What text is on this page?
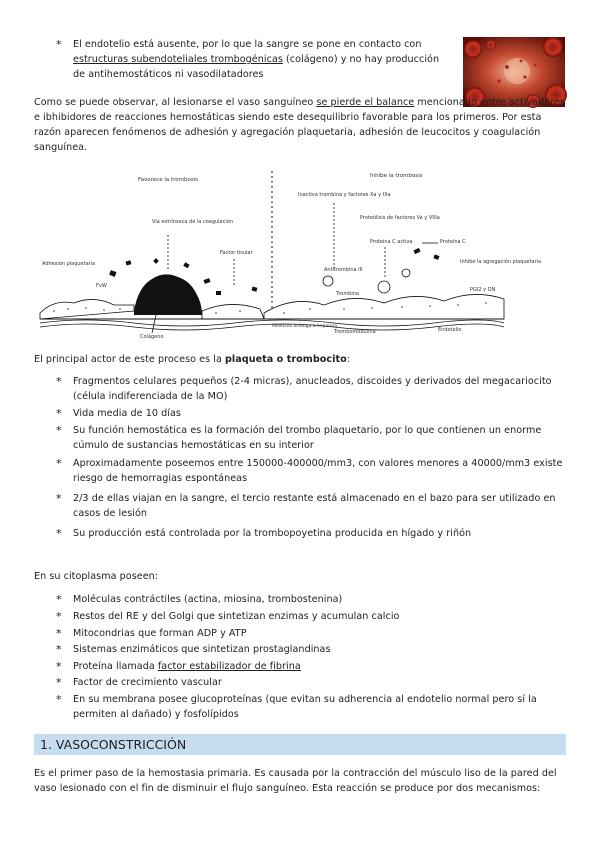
* El endotelio está ausente, por lo que la sangre se pone en contacto con estructuras subendoteliales trombogénicas (colágeno) y no hay producción de antihemostáticos ni vasodilatadores
Como se puede observar, al lesionarse el vaso sanguíneo se pierde el balance mencionado entre activadores e ibhibidores de reacciones hemostáticas siendo este desequilibrio favorable para los primeros. Por esta razón aparecen fenómenos de adhesión y agregación plaquetaria, adhesión de leucocitos y coagulación sanguínea.
Favorece la trombosis
Inhibe la trombosis
Inactiva trombina y factores Xa y IXa
Proteólisis de factores Va y VIIIa
Proteína C activa	Proteína C
Vía extrínseca de la coagulación
Factor tisular
Adhesión plaquetaria
FvW
Antitrombina III
Trombina
Inhibe la agregación plaquetaria
PGI2 y ON
Molécula análoga a heparina
Trombomodulina	Endotelio
Colágeno
El principal actor de este proceso es la plaqueta o trombocito:
* Fragmentos celulares pequeños (2-4 micras), anucleados, discoides y derivados del megacariocito (célula indiferenciada de la MO)
* Vida media de 10 días
* Su función hemostática es la formación del trombo plaquetario, por lo que contienen un enorme cúmulo de sustancias hemostáticas en su interior
* Aproximadamente poseemos entre 150000-400000/mm3, con valores menores a 40000/mm3 existe riesgo de hemorragias espontáneas
* 2/3 de ellas viajan en la sangre, el tercio restante está almacenado en el bazo para ser utilizado en casos de lesión
* Su producción está controlada por la trombopoyetina producida en hígado y riñón
En su citoplasma poseen:
* Moléculas contráctiles (actina, miosina, trombostenina)
* Restos del RE y del Golgi que sintetizan enzimas y acumulan calcio
* Mitocondrias que forman ADP y ATP
* Sistemas enzimáticos que sintetizan prostaglandinas
* Proteína llamada factor estabilizador de fibrina
* Factor de crecimiento vascular
* En su membrana posee glucoproteínas (que evitan su adherencia al endotelio normal pero sí la permiten al dañado) y fosfolípidos
1. VASOCONSTRICCIÓN
Es el primer paso de la hemostasia primaria. Es causada por la contracción del músculo liso de la pared del vaso lesionado con el fin de disminuir el flujo sanguíneo. Esta reacción se produce por dos mecanismos:
